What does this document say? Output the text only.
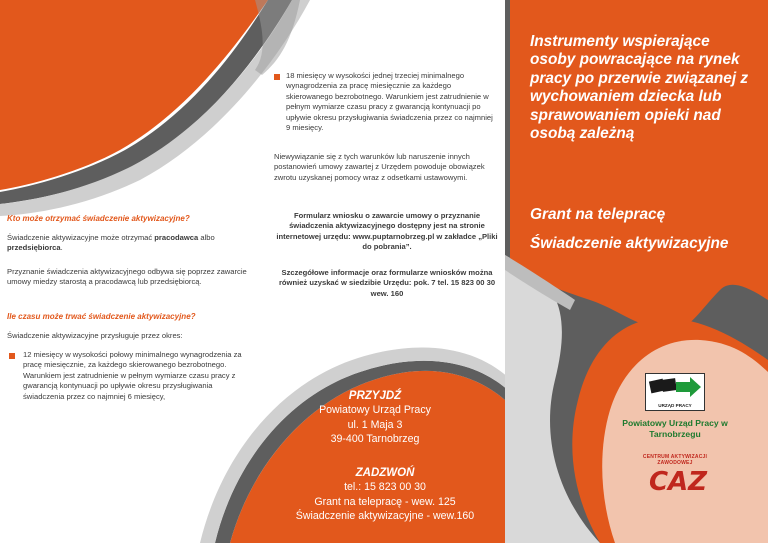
Kto może otrzymać świadczenie aktywizacyjne?
Świadczenie aktywizacyjne może otrzymać pracodawca albo przedsiębiorca.
Przyznanie świadczenia aktywizacyjnego odbywa się poprzez zawarcie umowy miedzy starostą a pracodawcą lub przedsiębiorcą.
Ile czasu może trwać świadczenie aktywizacyjne?
Świadczenie aktywizacyjne przysługuje przez okres:
12 miesięcy w wysokości połowy minimalnego wynagrodzenia za pracę miesięcznie, za każdego skierowanego bezrobotnego. Warunkiem jest zatrudnienie w pełnym wymiarze czasu pracy z gwarancją kontynuacji po upływie okresu przysługiwania świadczenia przez co najmniej 6 miesięcy,
18 miesięcy w wysokości jednej trzeciej minimalnego wynagrodzenia za pracę miesięcznie za każdego skierowanego bezrobotnego. Warunkiem jest zatrudnienie w pełnym wymiarze czasu pracy z gwarancją kontynuacji po upływie okresu przysługiwania świadczenia przez co najmniej 9 miesięcy.
Niewywiązanie się z tych warunków lub naruszenie innych postanowień umowy zawartej z Urzędem powoduje obowiązek zwrotu uzyskanej pomocy wraz z odsetkami ustawowymi.
Formularz wniosku o zawarcie umowy o przyznanie świadczenia aktywizacyjnego dostępny jest na stronie internetowej urzędu: www.puptarnobrzeg.pl w zakładce „Pliki do pobrania”.
Szczegółowe informacje oraz formularze wniosków można również uzyskać w siedzibie Urzędu: pok. 7 tel. 15 823 00 30 wew. 160
PRZYJDŹ
Powiatowy Urząd Pracy
ul. 1 Maja 3
39-400 Tarnobrzeg
ZADZWOŃ
tel.: 15 823 00 30
Grant na telepracę - wew. 125
Świadczenie aktywizacyjne - wew.160
Instrumenty wspierające osoby powracające na rynek pracy po przerwie związanej z wychowaniem dziecka lub sprawowaniem opieki nad osobą zależną
Grant na telepracę
Świadczenie aktywizacyjne
URZĄD PRACY
Powiatowy Urząd Pracy w Tarnobrzegu
CENTRUM AKTYWIZACJI ZAWODOWEJ
CAZ
